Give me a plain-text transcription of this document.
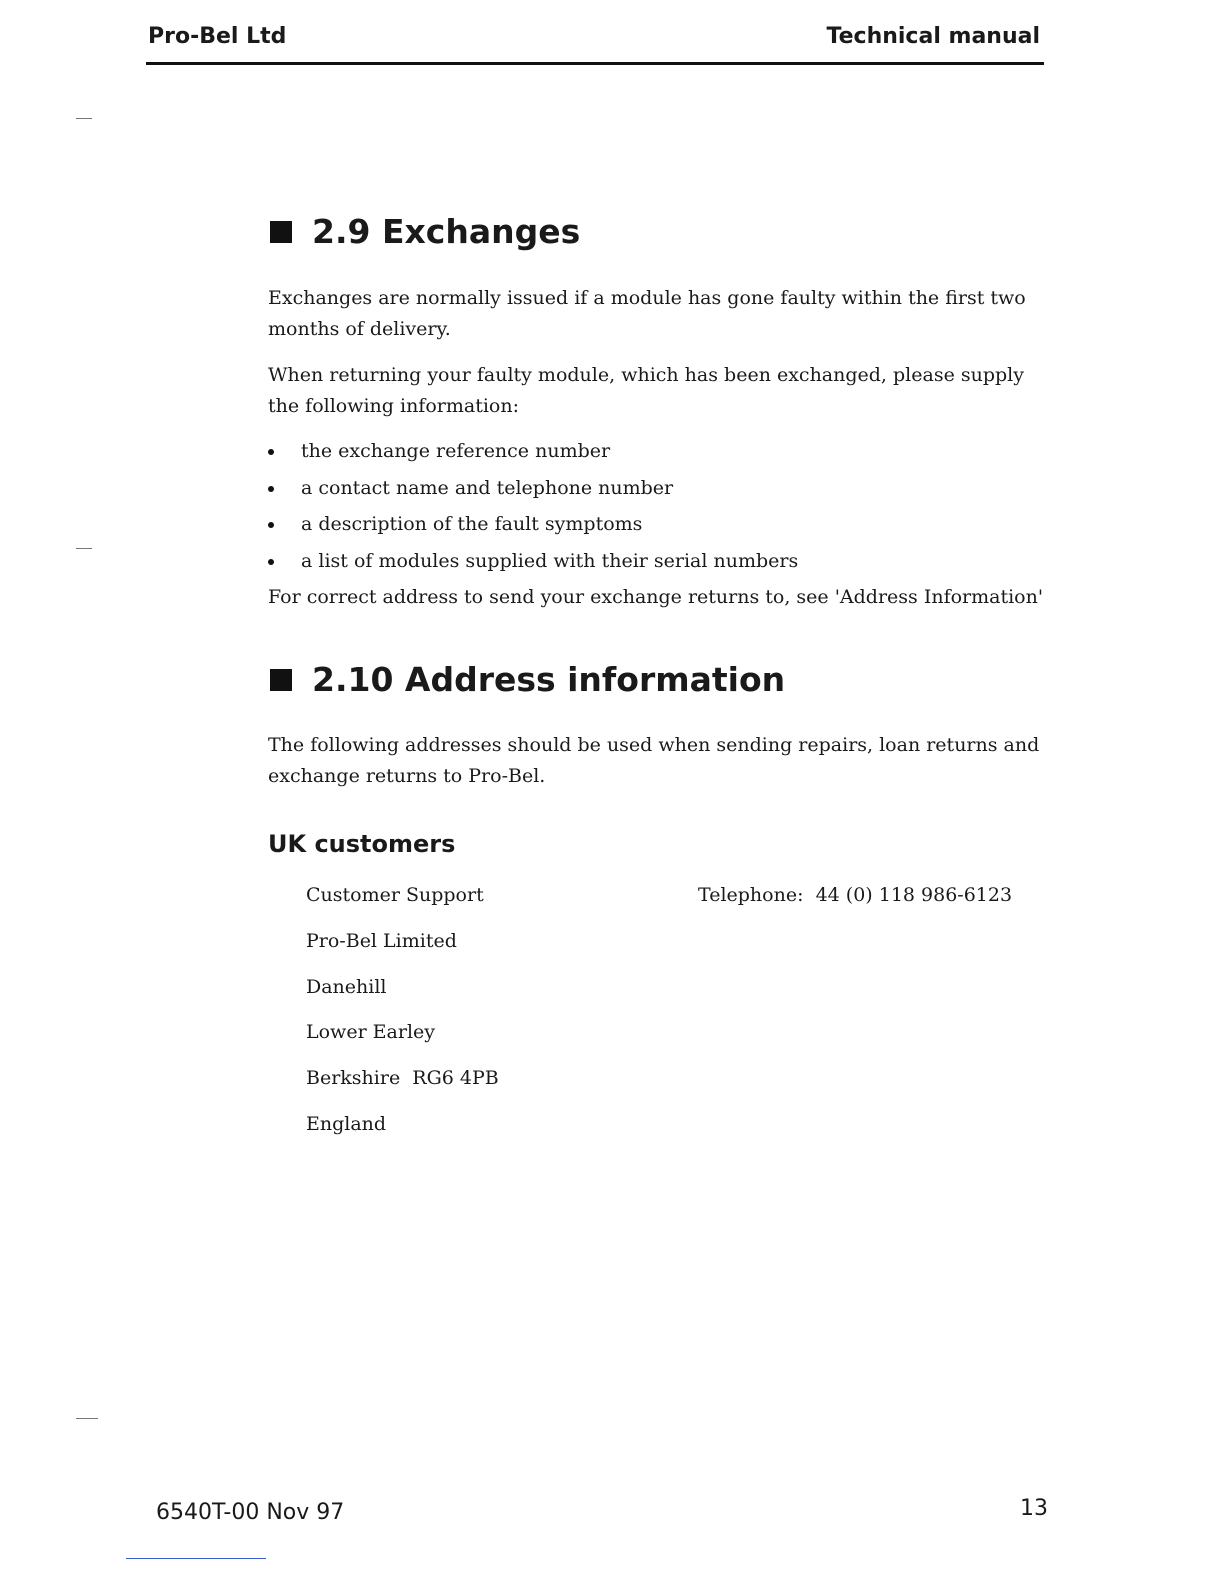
Pro-Bel Ltd	Technical manual
2.9 Exchanges

Exchanges are normally issued if a module has gone faulty within the first two months of delivery.

When returning your faulty module, which has been exchanged, please supply the following information:

the exchange reference number
a contact name and telephone number
a description of the fault symptoms
a list of modules supplied with their serial numbers

For correct address to send your exchange returns to, see 'Address Information'

2.10 Address information

The following addresses should be used when sending repairs, loan returns and exchange returns to Pro-Bel.

UK customers
Customer Support
Pro-Bel Limited
Danehill
Lower Earley
Berkshire  RG6 4PB
England
Telephone:  44 (0) 118 986-6123
6540T-00 Nov 97	13
